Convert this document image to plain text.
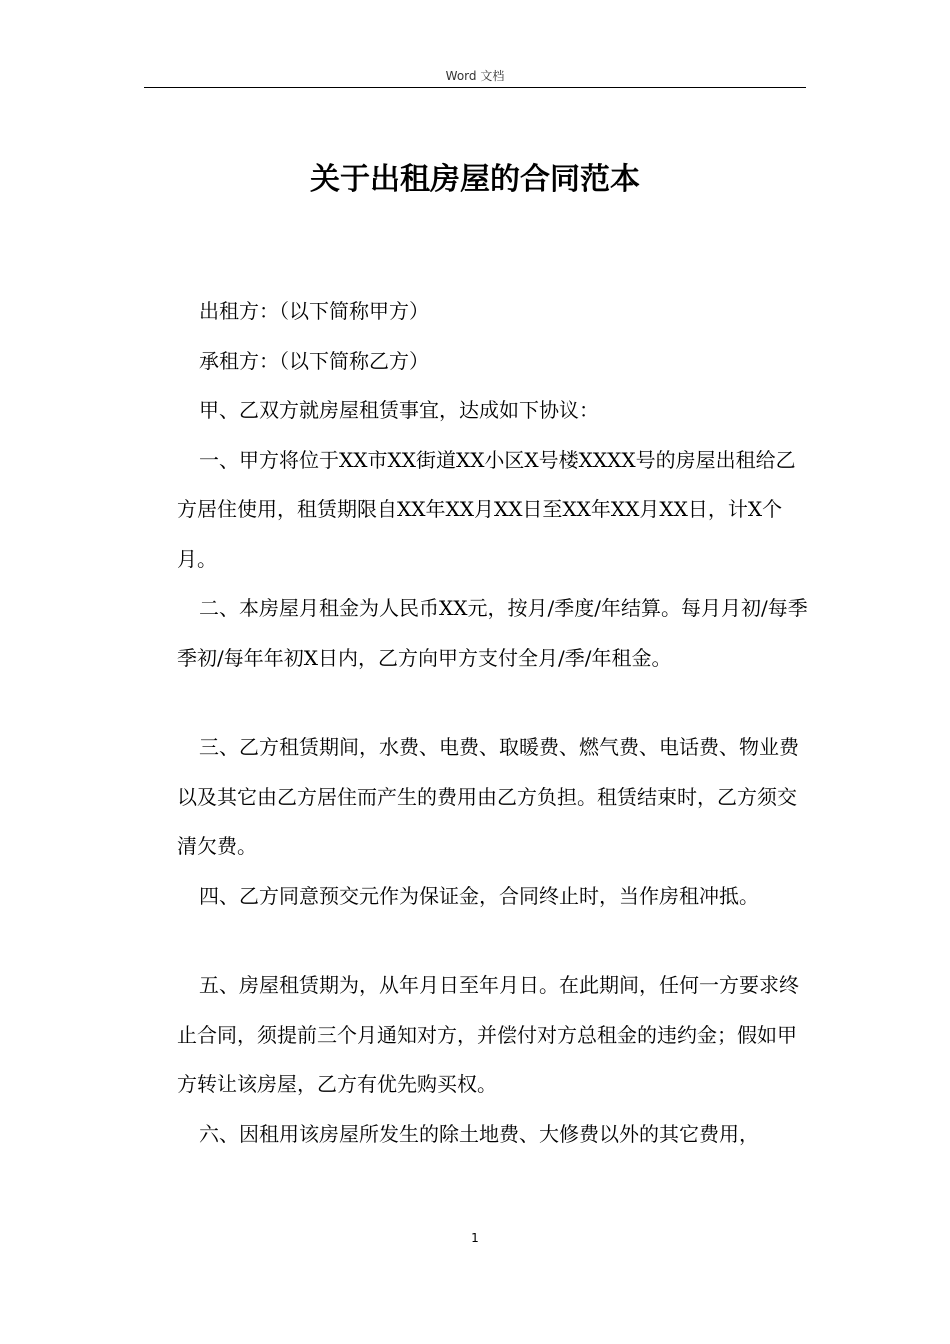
Word 文档
关于出租房屋的合同范本

出租方：（以下简称甲方）

承租方：（以下简称乙方）

甲、乙双方就房屋租赁事宜，达成如下协议：

一、甲方将位于XX市XX街道XX小区X号楼XXXX号的房屋出租给乙方居住使用，租赁期限自XX年XX月XX日至XX年XX月XX日，计X个月。

二、本房屋月租金为人民币XX元，按月/季度/年结算。每月月初/每季季初/每年年初X日内，乙方向甲方支付全月/季/年租金。

三、乙方租赁期间，水费、电费、取暖费、燃气费、电话费、物业费以及其它由乙方居住而产生的费用由乙方负担。租赁结束时，乙方须交清欠费。

四、乙方同意预交元作为保证金，合同终止时，当作房租冲抵。

五、房屋租赁期为，从年月日至年月日。在此期间，任何一方要求终止合同，须提前三个月通知对方，并偿付对方总租金的违约金；假如甲方转让该房屋，乙方有优先购买权。

六、因租用该房屋所发生的除土地费、大修费以外的其它费用，

1
